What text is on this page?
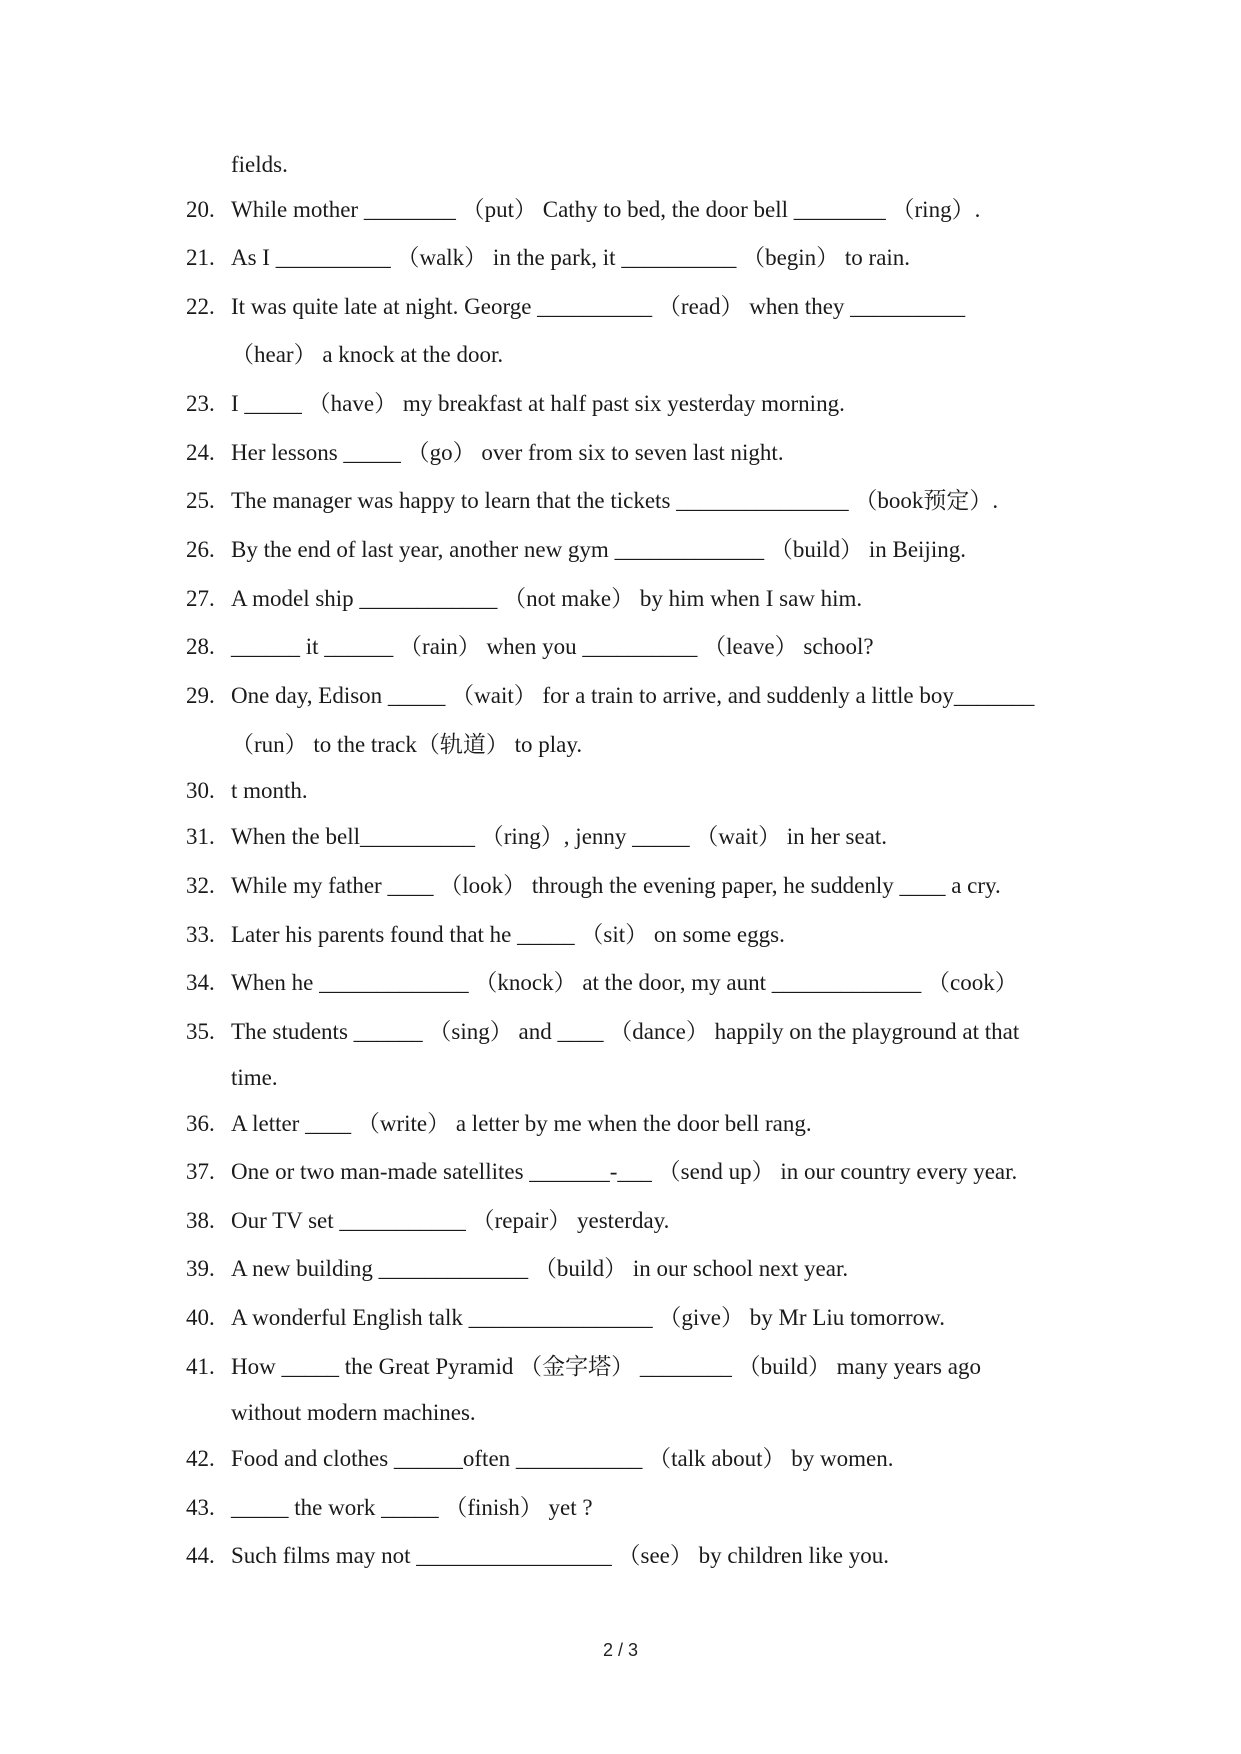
fields.
20. While mother ________ （put） Cathy to bed, the door bell ________ （ring）.
21. As I __________ （walk） in the park, it __________ （begin） to rain.
22. It was quite late at night. George __________ （read） when they __________
（hear） a knock at the door.
23. I _____ （have） my breakfast at half past six yesterday morning.
24. Her lessons _____ （go） over from six to seven last night.
25. The manager was happy to learn that the tickets _______________ （book预定）.
26. By the end of last year, another new gym _____________ （build） in Beijing.
27. A model ship ____________ （not make） by him when I saw him.
28. ______ it ______ （rain） when you __________ （leave） school?
29. One day, Edison _____ （wait） for a train to arrive, and suddenly a little boy_______
（run） to the track（轨道） to play.
30. t month.
31. When the bell__________ （ring）, jenny _____ （wait） in her seat.
32. While my father ____ （look） through the evening paper, he suddenly ____ a cry.
33. Later his parents found that he _____ （sit） on some eggs.
34. When he _____________ （knock） at the door, my aunt _____________ （cook）
35. The students ______ （sing） and ____ （dance） happily on the playground at that
time.
36. A letter ____ （write） a letter by me when the door bell rang.
37. One or two man-made satellites _______-___ （send up） in our country every year.
38. Our TV set ___________ （repair） yesterday.
39. A new building _____________ （build） in our school next year.
40. A wonderful English talk ________________ （give） by Mr Liu tomorrow.
41. How _____ the Great Pyramid （金字塔） ________ （build） many years ago
without modern machines.
42. Food and clothes ______often ___________ （talk about） by women.
43. _____ the work _____ （finish） yet ?
44. Such films may not _________________ （see） by children like you.
2 / 3
